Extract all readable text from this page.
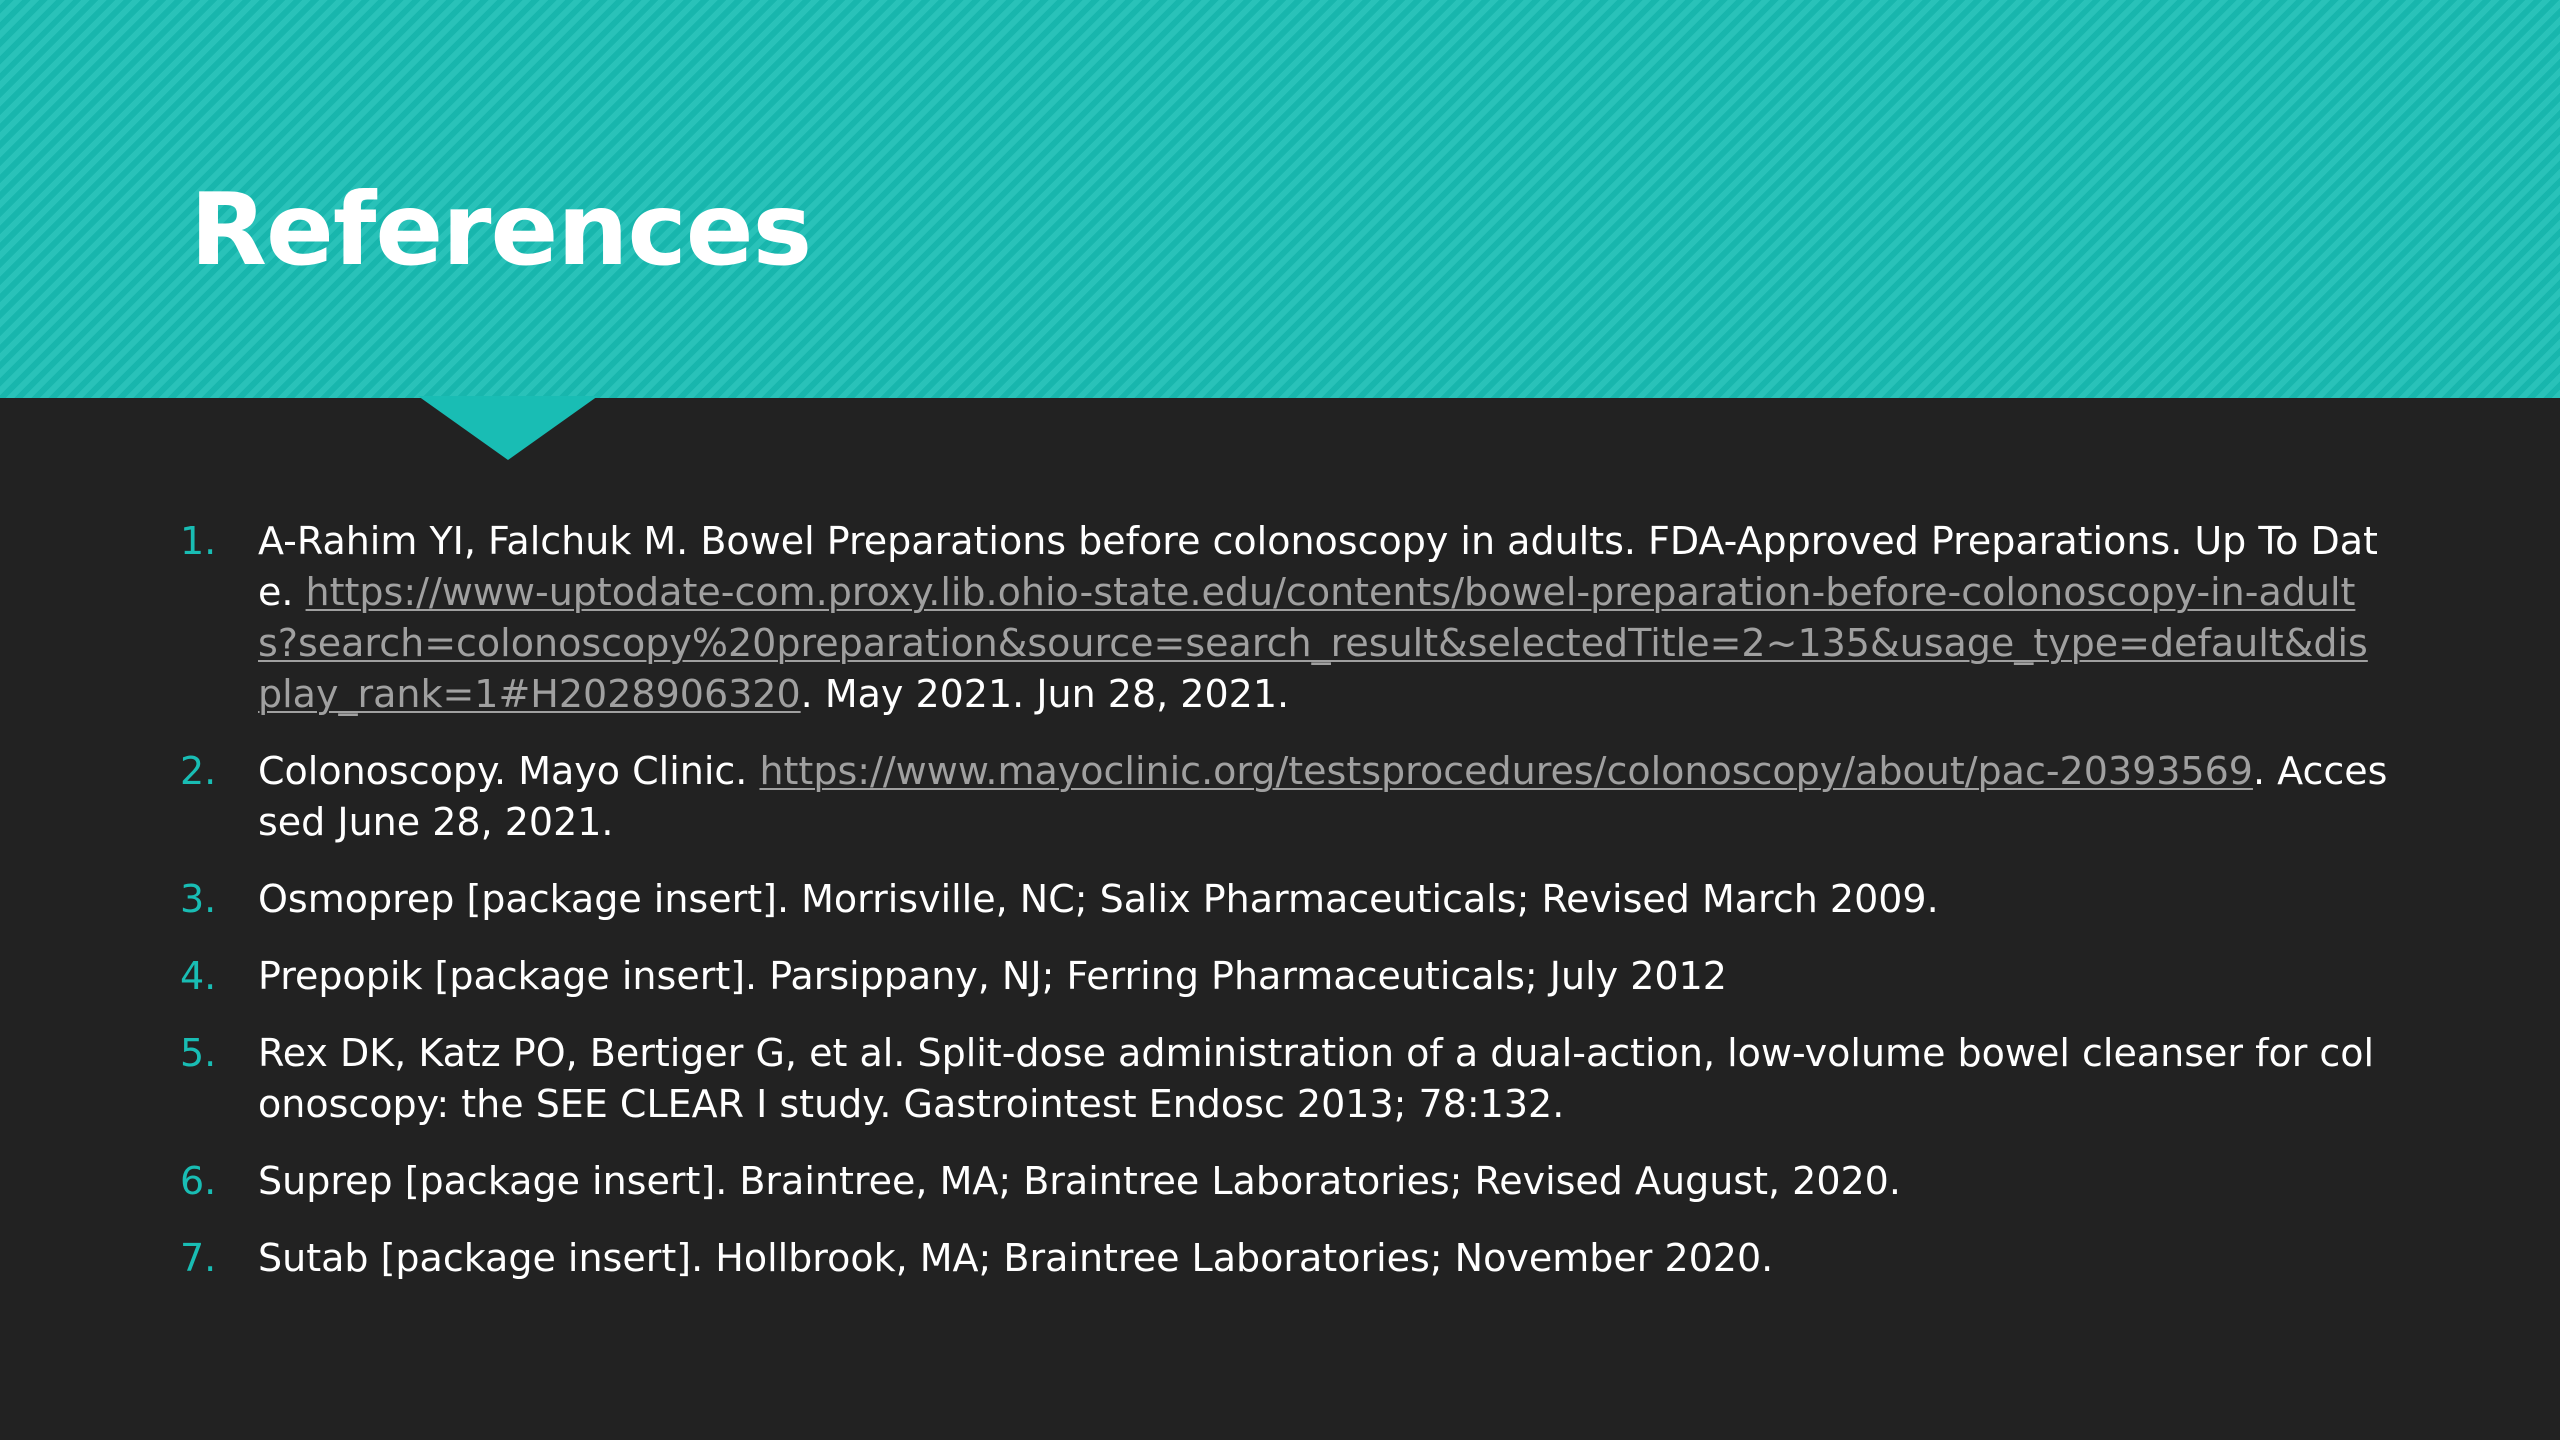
References
1.	A-Rahim YI, Falchuk M. Bowel Preparations before colonoscopy in adults. FDA-Approved Preparations. Up To Date. https://www-uptodate-com.proxy.lib.ohio-state.edu/contents/bowel-preparation-before-colonoscopy-in-adults?search=colonoscopy%20preparation&source=search_result&selectedTitle=2~135&usage_type=default&display_rank=1#H2028906320. May 2021. Jun 28, 2021.
2.	Colonoscopy. Mayo Clinic. https://www.mayoclinic.org/testsprocedures/colonoscopy/about/pac-20393569. Accessed June 28, 2021.
3.	Osmoprep [package insert]. Morrisville, NC; Salix Pharmaceuticals; Revised March 2009.
4.	Prepopik [package insert]. Parsippany, NJ; Ferring Pharmaceuticals; July 2012
5.	Rex DK, Katz PO, Bertiger G, et al. Split-dose administration of a dual-action, low-volume bowel cleanser for colonoscopy: the SEE CLEAR I study. Gastrointest Endosc 2013; 78:132.
6.	Suprep [package insert]. Braintree, MA; Braintree Laboratories; Revised August, 2020.
7.	Sutab [package insert]. Hollbrook, MA; Braintree Laboratories; November 2020.
